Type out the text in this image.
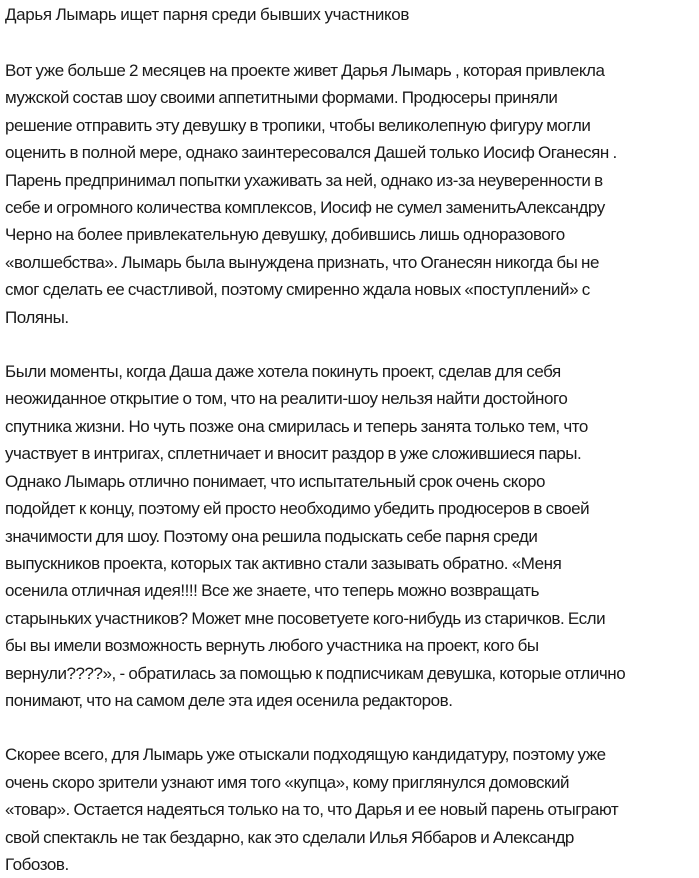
Дарья Лымарь ищет парня среди бывших участников

Вот уже больше 2 месяцев на проекте живет Дарья Лымарь , которая привлекла
мужской состав шоу своими аппетитными формами. Продюсеры приняли
решение отправить эту девушку в тропики, чтобы великолепную фигуру могли
оценить в полной мере, однако заинтересовался Дашей только Иосиф Оганесян .
Парень предпринимал попытки ухаживать за ней, однако из-за неуверенности в
себе и огромного количества комплексов, Иосиф не сумел заменитьАлександру
Черно на более привлекательную девушку, добившись лишь одноразового
«волшебства». Лымарь была вынуждена признать, что Оганесян никогда бы не
смог сделать ее счастливой, поэтому смиренно ждала новых «поступлений» с
Поляны.

Были моменты, когда Даша даже хотела покинуть проект, сделав для себя
неожиданное открытие о том, что на реалити-шоу нельзя найти достойного
спутника жизни. Но чуть позже она смирилась и теперь занята только тем, что
участвует в интригах, сплетничает и вносит раздор в уже сложившиеся пары.
Однако Лымарь отлично понимает, что испытательный срок очень скоро
подойдет к концу, поэтому ей просто необходимо убедить продюсеров в своей
значимости для шоу. Поэтому она решила подыскать себе парня среди
выпускников проекта, которых так активно стали зазывать обратно. «Меня
осенила отличная идея!!!! Все же знаете, что теперь можно возвращать
старыньких участников? Может мне посоветуете кого-нибудь из старичков. Если
бы вы имели возможность вернуть любого участника на проект, кого бы
вернули????», - обратилась за помощью к подписчикам девушка, которые отлично
понимают, что на самом деле эта идея осенила редакторов.

Скорее всего, для Лымарь уже отыскали подходящую кандидатуру, поэтому уже
очень скоро зрители узнают имя того «купца», кому приглянулся домовский
«товар». Остается надеяться только на то, что Дарья и ее новый парень отыграют
свой спектакль не так бездарно, как это сделали Илья Яббаров и Александр
Гобозов.
